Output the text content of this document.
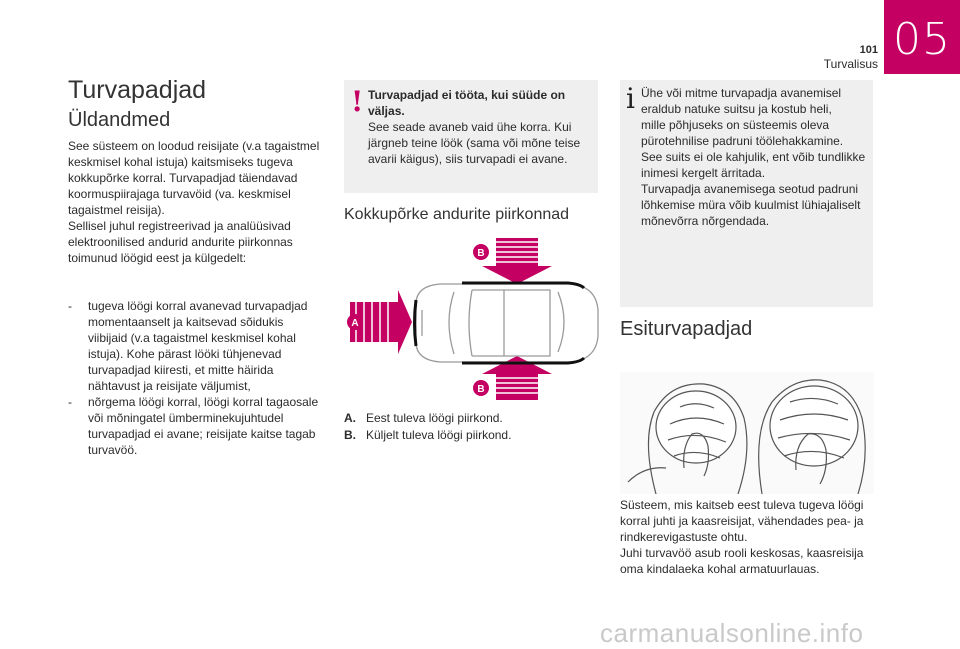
05
101
Turvalisus
Turvapadjad
Üldandmed
See süsteem on loodud reisijate (v.a tagaistmel
keskmisel kohal istuja) kaitsmiseks tugeva
kokkupõrke korral. Turvapadjad täiendavad
koormuspiirajaga turvavöid (va. keskmisel
tagaistmel reisija).
Sellisel juhul registreerivad ja analüüsivad
elektroonilised andurid andurite piirkonnas
toimunud löögid eest ja külgedelt:
- tugeva löögi korral avanevad turvapadjad
momentaanselt ja kaitsevad sõidukis
viibijaid (v.a tagaistmel keskmisel kohal
istuja). Kohe pärast lööki tühjenevad
turvapadjad kiiresti, et mitte häirida
nähtavust ja reisijate väljumist,
- nõrgema löögi korral, löögi korral tagaosale
või mõningatel ümberminekujuhtudel
turvapadjad ei avane; reisijate kaitse tagab
turvavöö.
! Turvapadjad ei tööta, kui süüde on
väljas.
See seade avaneb vaid ühe korra. Kui
järgneb teine löök (sama või mõne teise
avarii käigus), siis turvapadi ei avane.
Kokkupõrke andurite piirkonnad
B
A
B
A. Eest tuleva löögi piirkond.
B. Küljelt tuleva löögi piirkond.
i Ühe või mitme turvapadja avanemisel
eraldub natuke suitsu ja kostub heli,
mille põhjuseks on süsteemis oleva
pürotehnilise padruni töölehakkamine.
See suits ei ole kahjulik, ent võib tundlikke
inimesi kergelt ärritada.
Turvapadja avanemisega seotud padruni
lõhkemise müra võib kuulmist lühiajaliselt
mõnevõrra nõrgendada.
Esiturvapadjad
Süsteem, mis kaitseb eest tuleva tugeva löögi
korral juhti ja kaasreisijat, vähendades pea- ja
rindkerevigastuste ohtu.
Juhi turvavöö asub rooli keskosas, kaasreisija
oma kindalaeka kohal armatuurlauas.
carmanualsonline.info
